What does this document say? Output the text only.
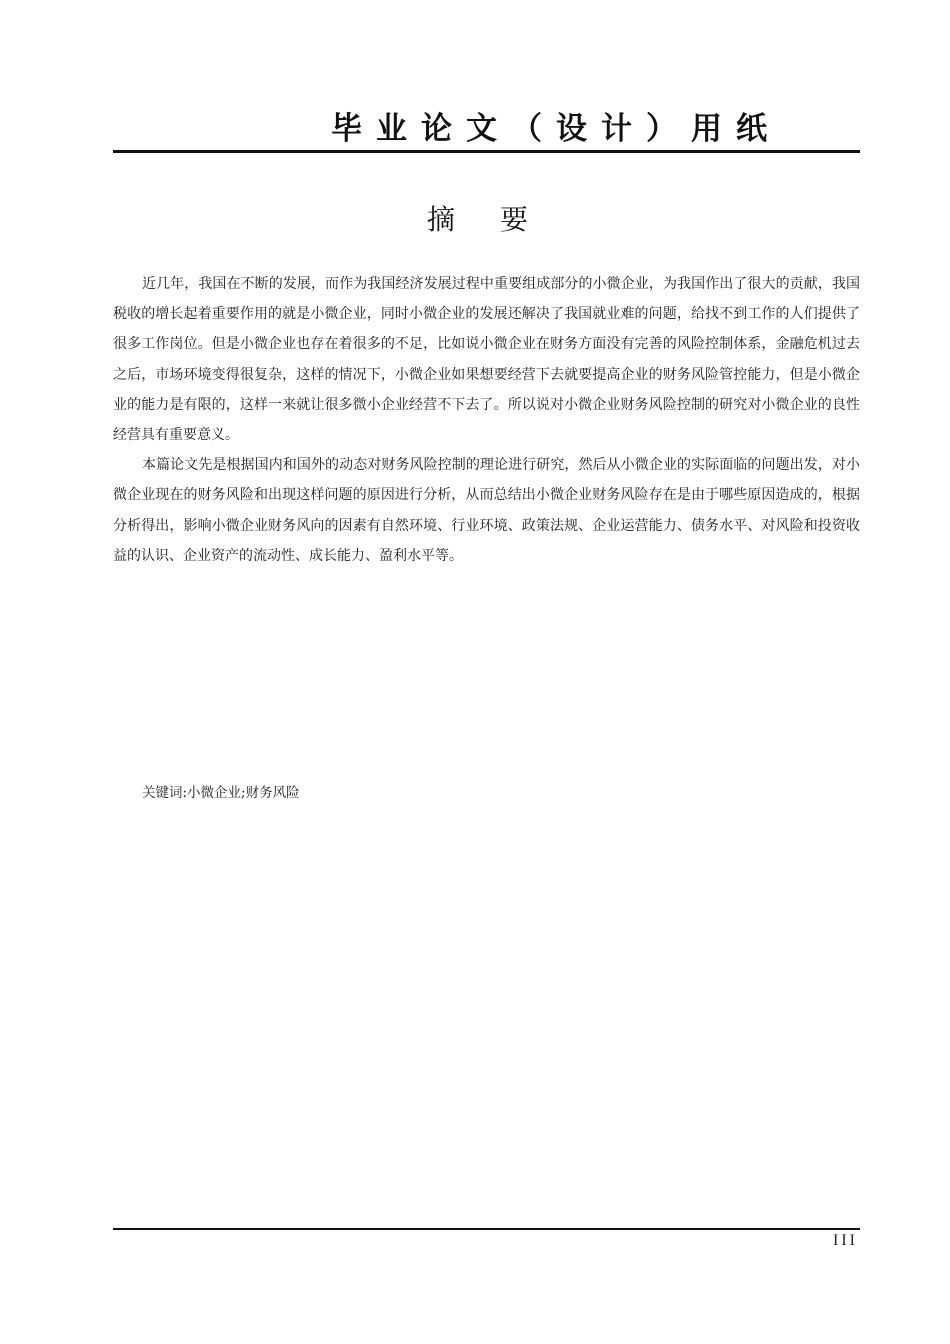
毕业论文（设计）用纸
摘 要

近几年，我国在不断的发展，而作为我国经济发展过程中重要组成部分的小微企业，为我国作出了很大的贡献，我国税收的增长起着重要作用的就是小微企业，同时小微企业的发展还解决了我国就业难的问题，给找不到工作的人们提供了很多工作岗位。但是小微企业也存在着很多的不足，比如说小微企业在财务方面没有完善的风险控制体系，金融危机过去之后，市场环境变得很复杂，这样的情况下，小微企业如果想要经营下去就要提高企业的财务风险管控能力，但是小微企业的能力是有限的，这样一来就让很多微小企业经营不下去了。所以说对小微企业财务风险控制的研究对小微企业的良性经营具有重要意义。

本篇论文先是根据国内和国外的动态对财务风险控制的理论进行研究，然后从小微企业的实际面临的问题出发，对小微企业现在的财务风险和出现这样问题的原因进行分析，从而总结出小微企业财务风险存在是由于哪些原因造成的，根据分析得出，影响小微企业财务风向的因素有自然环境、行业环境、政策法规、企业运营能力、债务水平、对风险和投资收益的认识、企业资产的流动性、成长能力、盈利水平等。

关键词:小微企业;财务风险
III
